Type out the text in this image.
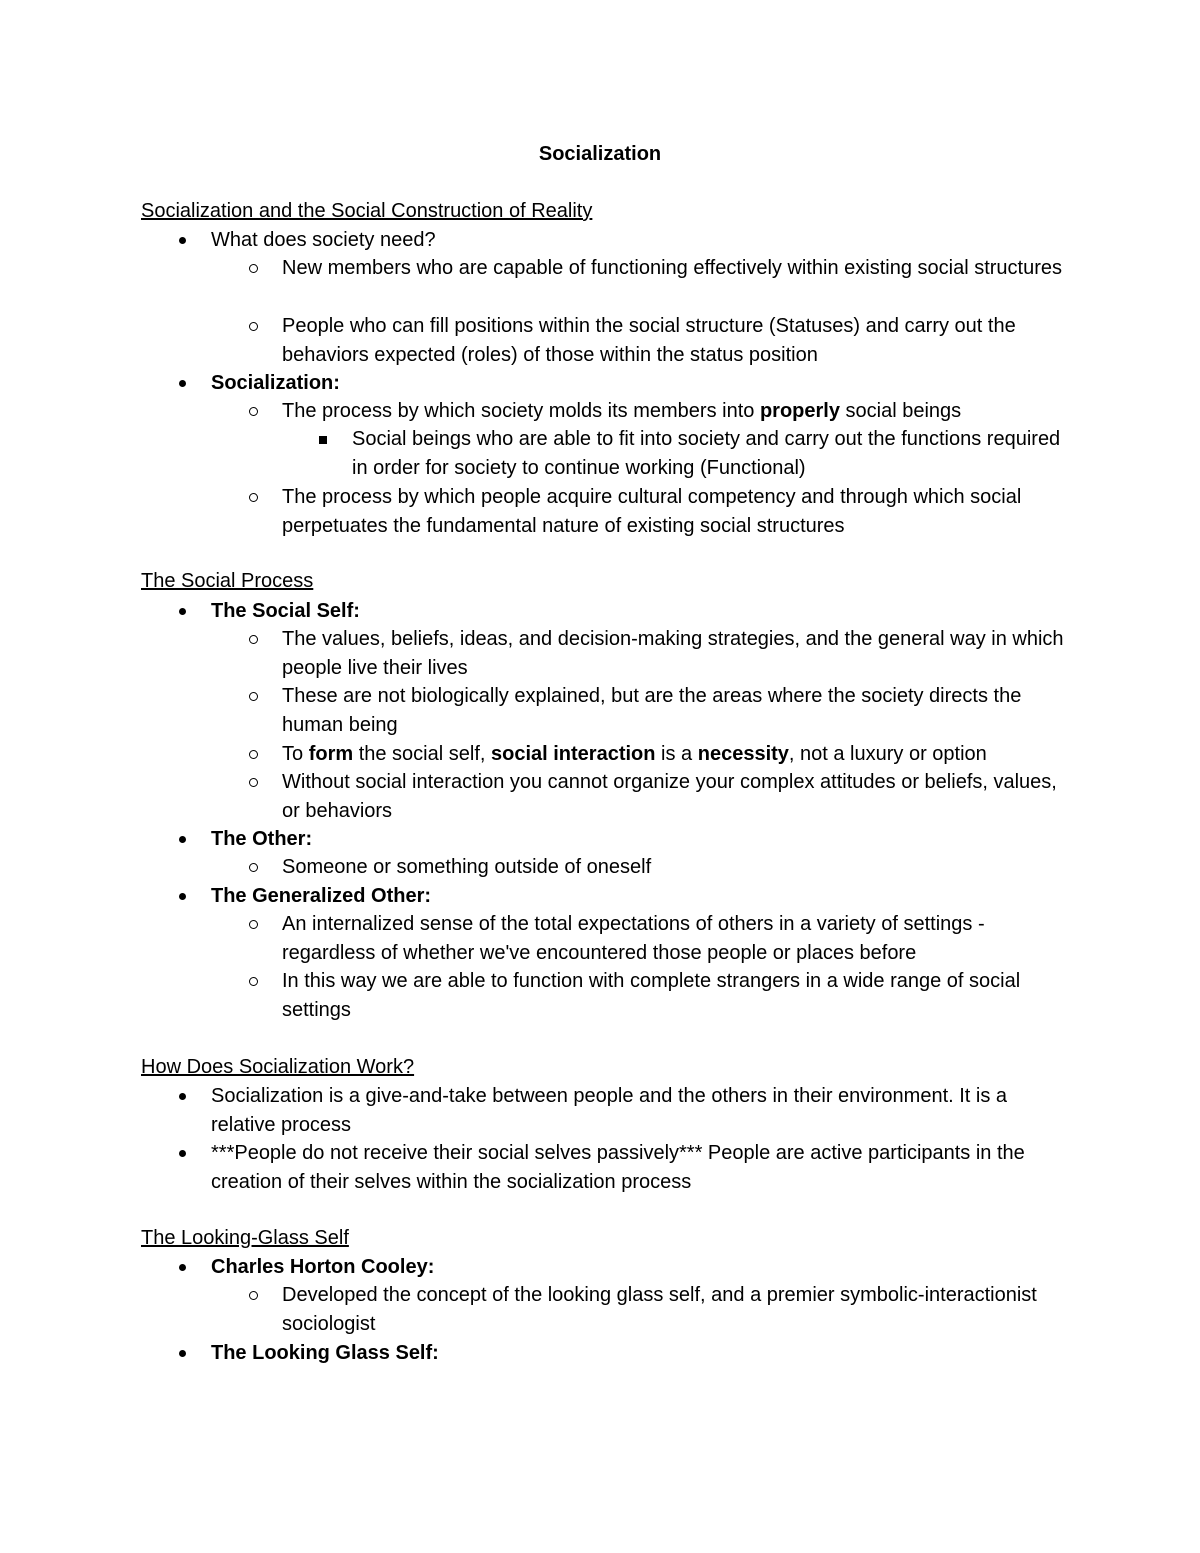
Socialization
Socialization and the Social Construction of Reality
What does society need?
New members who are capable of functioning effectively within existing social structures
People who can fill positions within the social structure (Statuses) and carry out the behaviors expected (roles) of those within the status position
Socialization:
The process by which society molds its members into properly social beings
Social beings who are able to fit into society and carry out the functions required in order for society to continue working (Functional)
The process by which people acquire cultural competency and through which social perpetuates the fundamental nature of existing social structures
The Social Process
The Social Self:
The values, beliefs, ideas, and decision-making strategies, and the general way in which people live their lives
These are not biologically explained, but are the areas where the society directs the human being
To form the social self, social interaction is a necessity, not a luxury or option
Without social interaction you cannot organize your complex attitudes or beliefs, values, or behaviors
The Other:
Someone or something outside of oneself
The Generalized Other:
An internalized sense of the total expectations of others in a variety of settings - regardless of whether we've encountered those people or places before
In this way we are able to function with complete strangers in a wide range of social settings
How Does Socialization Work?
Socialization is a give-and-take between people and the others in their environment. It is a relative process
***People do not receive their social selves passively*** People are active participants in the creation of their selves within the socialization process
The Looking-Glass Self
Charles Horton Cooley:
Developed the concept of the looking glass self, and a premier symbolic-interactionist sociologist
The Looking Glass Self:
